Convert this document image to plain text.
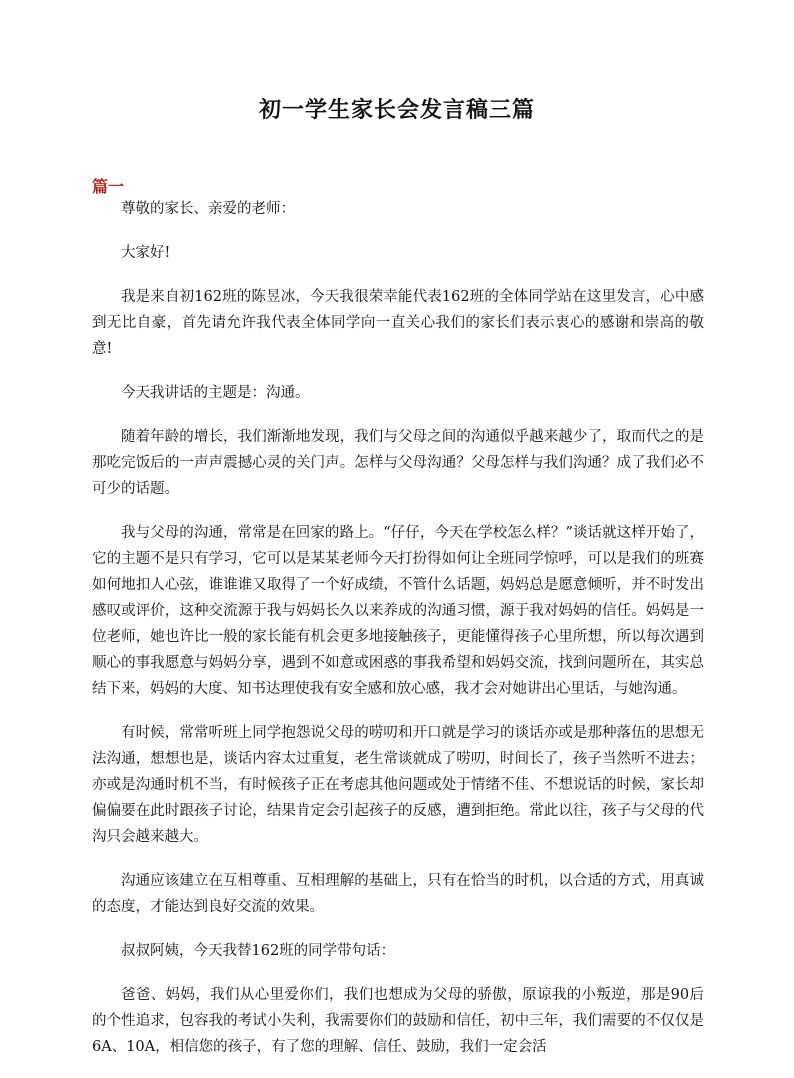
初一学生家长会发言稿三篇
篇一

尊敬的家长、亲爱的老师：

大家好!

我是来自初162班的陈昱冰，今天我很荣幸能代表162班的全体同学站在这里发言，心中感到无比自豪，首先请允许我代表全体同学向一直关心我们的家长们表示衷心的感谢和崇高的敬意!

今天我讲话的主题是：沟通。

随着年龄的增长，我们渐渐地发现，我们与父母之间的沟通似乎越来越少了，取而代之的是那吃完饭后的一声声震撼心灵的关门声。怎样与父母沟通？父母怎样与我们沟通？成了我们必不可少的话题。

我与父母的沟通，常常是在回家的路上。“仔仔，今天在学校怎么样？”谈话就这样开始了，它的主题不是只有学习，它可以是某某老师今天打扮得如何让全班同学惊呼，可以是我们的班赛如何地扣人心弦，谁谁谁又取得了一个好成绩，不管什么话题，妈妈总是愿意倾听，并不时发出感叹或评价，这种交流源于我与妈妈长久以来养成的沟通习惯，源于我对妈妈的信任。妈妈是一位老师，她也许比一般的家长能有机会更多地接触孩子，更能懂得孩子心里所想，所以每次遇到顺心的事我愿意与妈妈分享，遇到不如意或困惑的事我希望和妈妈交流，找到问题所在，其实总结下来，妈妈的大度、知书达理使我有安全感和放心感，我才会对她讲出心里话，与她沟通。

有时候，常常听班上同学抱怨说父母的唠叨和开口就是学习的谈话亦或是那种落伍的思想无法沟通，想想也是，谈话内容太过重复，老生常谈就成了唠叨，时间长了，孩子当然听不进去；亦或是沟通时机不当，有时候孩子正在考虑其他问题或处于情绪不佳、不想说话的时候，家长却偏偏要在此时跟孩子讨论，结果肯定会引起孩子的反感，遭到拒绝。常此以往，孩子与父母的代沟只会越来越大。

沟通应该建立在互相尊重、互相理解的基础上，只有在恰当的时机，以合适的方式，用真诚的态度，才能达到良好交流的效果。

叔叔阿姨，今天我替162班的同学带句话：

爸爸、妈妈，我们从心里爱你们，我们也想成为父母的骄傲，原谅我的小叛逆，那是90后的个性追求，包容我的考试小失利，我需要你们的鼓励和信任，初中三年，我们需要的不仅仅是6A、10A，相信您的孩子，有了您的理解、信任、鼓励，我们一定会活
